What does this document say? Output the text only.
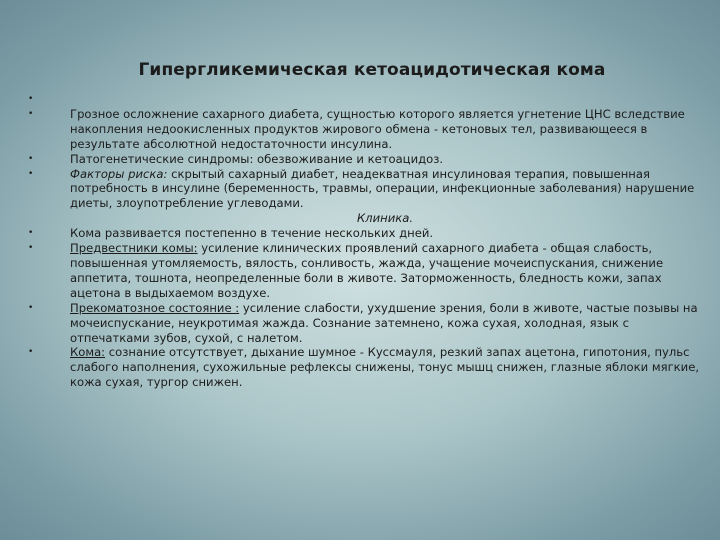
Гипергликемическая кетоацидотическая кома
•
•	Грозное осложнение сахарного диабета, сущностью которого является угнетение ЦНС вследствие накопления недоокисленных продуктов жирового обмена - кетоновых тел, развивающееся в результате абсолютной недостаточности инсулина.
•	Патогенетические синдромы: обезвоживание и кетоацидоз.
•	Факторы риска: скрытый сахарный диабет, неадекватная инсулиновая терапия, повышенная потребность в инсулине (беременность, травмы, операции, инфекционные заболевания) нарушение диеты, злоупотребление углеводами.
Клиника.
•	Кома развивается постепенно в течение нескольких дней.
•	Предвестники комы: усиление клинических проявлений сахарного диабета - общая слабость, повышенная утомляемость, вялость, сонливость, жажда, учащение мочеиспускания, снижение аппетита, тошнота, неопределенные боли в животе. Заторможенность, бледность кожи, запах ацетона в выдыхаемом воздухе.
•	Прекоматозное состояние : усиление слабости, ухудшение зрения, боли в животе, частые позывы на мочеиспускание, неукротимая жажда. Сознание затемнено, кожа сухая, холодная, язык с отпечатками зубов, сухой, с налетом.
•	Кома: сознание отсутствует, дыхание шумное - Куссмауля, резкий запах ацетона, гипотония, пульс слабого наполнения, сухожильные рефлексы снижены, тонус мышц снижен, глазные яблоки мягкие, кожа сухая, тургор снижен.
